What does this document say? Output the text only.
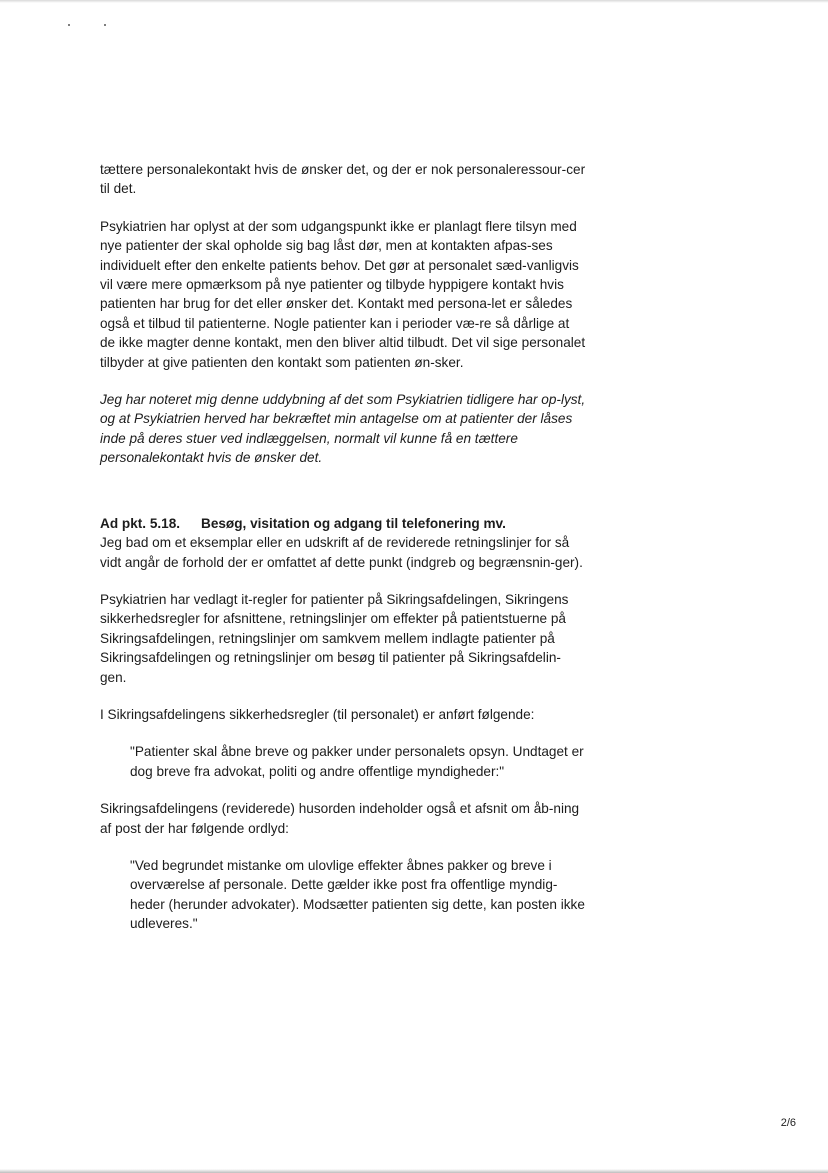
tættere personalekontakt hvis de ønsker det, og der er nok personaleressour-cer til det.

Psykiatrien har oplyst at der som udgangspunkt ikke er planlagt flere tilsyn med nye patienter der skal opholde sig bag låst dør, men at kontakten afpas-ses individuelt efter den enkelte patients behov. Det gør at personalet sæd-vanligvis vil være mere opmærksom på nye patienter og tilbyde hyppigere kontakt hvis patienten har brug for det eller ønsker det. Kontakt med persona-let er således også et tilbud til patienterne. Nogle patienter kan i perioder væ-re så dårlige at de ikke magter denne kontakt, men den bliver altid tilbudt. Det vil sige personalet tilbyder at give patienten den kontakt som patienten øn-sker.

Jeg har noteret mig denne uddybning af det som Psykiatrien tidligere har op-lyst, og at Psykiatrien herved har bekræftet min antagelse om at patienter der låses inde på deres stuer ved indlæggelsen, normalt vil kunne få en tættere personalekontakt hvis de ønsker det.

Ad pkt. 5.18. Besøg, visitation og adgang til telefonering mv.

Jeg bad om et eksemplar eller en udskrift af de reviderede retningslinjer for så vidt angår de forhold der er omfattet af dette punkt (indgreb og begrænsnin-ger).

Psykiatrien har vedlagt it-regler for patienter på Sikringsafdelingen, Sikringens sikkerhedsregler for afsnittene, retningslinjer om effekter på patientstuerne på Sikringsafdelingen, retningslinjer om samkvem mellem indlagte patienter på Sikringsafdelingen og retningslinjer om besøg til patienter på Sikringsafdelin-gen.

I Sikringsafdelingens sikkerhedsregler (til personalet) er anført følgende:

"Patienter skal åbne breve og pakker under personalets opsyn. Undtaget er dog breve fra advokat, politi og andre offentlige myndigheder:"

Sikringsafdelingens (reviderede) husorden indeholder også et afsnit om åb-ning af post der har følgende ordlyd:

"Ved begrundet mistanke om ulovlige effekter åbnes pakker og breve i overværelse af personale. Dette gælder ikke post fra offentlige myndig-heder (herunder advokater). Modsætter patienten sig dette, kan posten ikke udleveres."

2/6
